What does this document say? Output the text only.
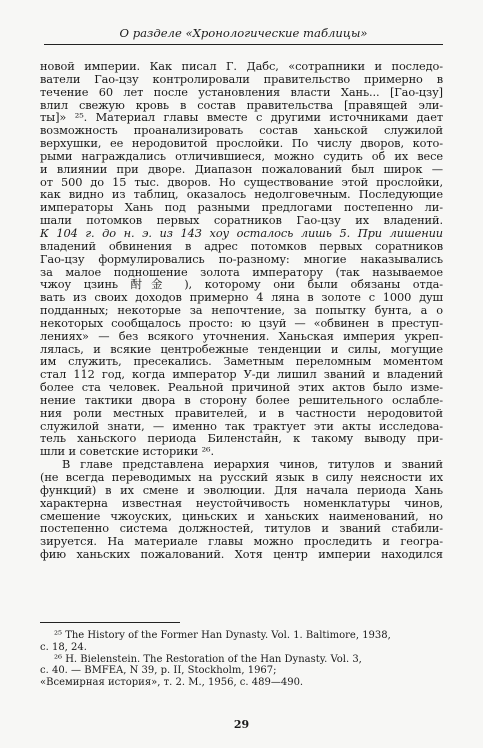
О разделе «Хронологические таблицы»

новой империи. Как писал Г. Дабс, «сотрапники и последо-

ватели Гао-цзу контролировали правительство примерно в

течение 60 лет после установления власти Хань... [Гао-цзу]

влил свежую кровь в состав правительства [правящей эли-

ты]» ²⁵. Материал главы вместе с другими источниками дает

возможность проанализировать состав ханьской служилой

верхушки, ее неродовитой прослойки. По числу дворов, кото-

рыми награждались отличившиеся, можно судить об их весе

и влиянии при дворе. Диапазон пожалований был широк —

от 500 до 15 тыс. дворов. Но существование этой прослойки,

как видно из таблиц, оказалось недолговечным. Последующие

императоры Хань под разными предлогами постепенно ли-

шали потомков первых соратников Гао-цзу их владений.

К 104 г. до н. э. из 143 хоу осталось лишь 5. При лишении

владений обвинения в адрес потомков первых соратников

Гао-цзу формулировались по-разному: многие наказывались

за малое подношение золота императору (так называемое

чжоу цзинь 酎金 ), которому они были обязаны отда-

вать из своих доходов примерно 4 ляна в золоте с 1000 душ

подданных; некоторые за непочтение, за попытку бунта, а о

некоторых сообщалось просто: ю цзуй — «обвинен в преступ-

лениях» — без всякого уточнения. Ханьская империя укреп-

лялась, и всякие центробежные тенденции и силы, могущие

им служить, пресекались. Заметным переломным моментом

стал 112 год, когда император У-ди лишил званий и владений

более ста человек. Реальной причиной этих актов было изме-

нение тактики двора в сторону более решительного ослабле-

ния роли местных правителей, и в частности неродовитой

служилой знати, — именно так трактует эти акты исследова-

тель ханьского периода Биленстайн, к такому выводу при-

шли и советские историки ²⁶.

В главе представлена иерархия чинов, титулов и званий

(не всегда переводимых на русский язык в силу неясности их

функций) в их смене и эволюции. Для начала периода Хань

характерна известная неустойчивость номенклатуры чинов,

смешение чжоуских, циньских и ханьских наименований, но

постепенно система должностей, титулов и званий стабили-

зируется. На материале главы можно проследить и геогра-

фию ханьских пожалований. Хотя центр империи находился

²⁵ The History of the Former Han Dynasty. Vol. 1. Baltimore, 1938,

c. 18, 24.

²⁶ H. Bielenstein. The Restoration of the Han Dynasty. Vol. 3,

c. 40. — BMFEA, N 39, p. II, Stockholm, 1967;

«Всемирная история», т. 2. М., 1956, с. 489—490.

29
